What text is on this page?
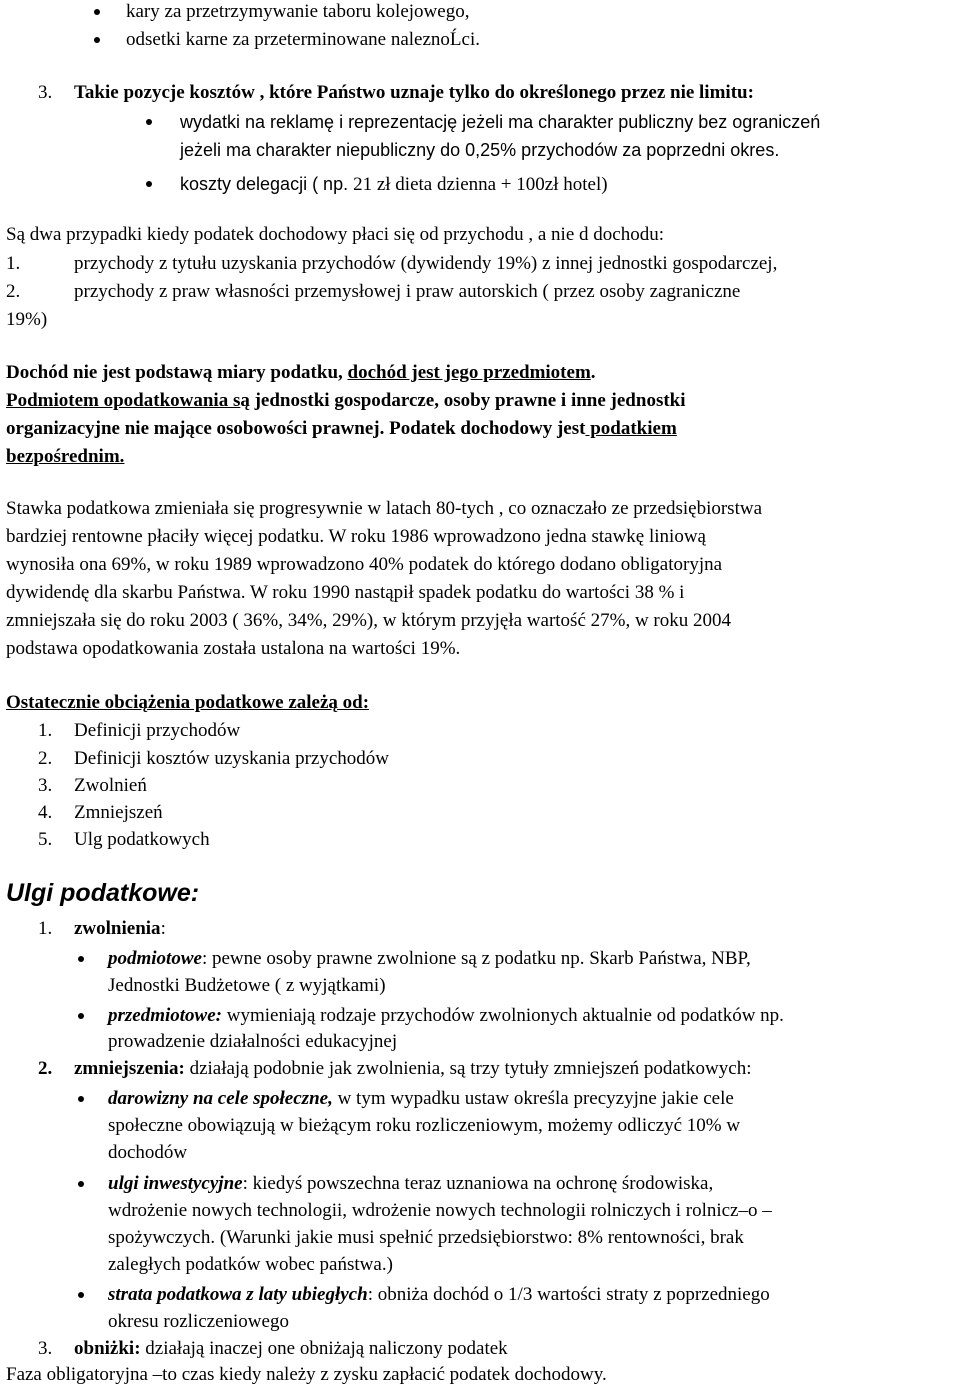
kary za przetrzymywanie taboru kolejowego,
odsetki karne za przeterminowane naleznoĹci.
3. Takie pozycje kosztów , które Państwo uznaje tylko do określonego przez nie limitu:
wydatki na reklamę i reprezentację jeżeli ma charakter publiczny bez ograniczeń
jeżeli ma charakter niepubliczny do 0,25% przychodów za poprzedni okres.
koszty delegacji ( np. 21 zł dieta dzienna + 100zł hotel)
Są dwa przypadki kiedy podatek dochodowy płaci się od przychodu , a nie d dochodu:
1.	przychody z tytułu uzyskania przychodów (dywidendy 19%) z innej jednostki gospodarczej,
2.	przychody z praw własności przemysłowej i praw autorskich ( przez osoby zagraniczne
19%)
Dochód nie jest podstawą miary podatku, dochód jest jego przedmiotem.
Podmiotem opodatkowania są jednostki gospodarcze, osoby prawne i inne jednostki
organizacyjne nie mające osobowości prawnej. Podatek dochodowy jest podatkiem
bezpośrednim.
Stawka podatkowa zmieniała się progresywnie w latach 80-tych , co oznaczało ze przedsiębiorstwa
bardziej rentowne płaciły więcej podatku. W roku 1986 wprowadzono jedna stawkę liniową
wynosiła ona 69%, w roku 1989 wprowadzono 40% podatek do którego dodano obligatoryjna
dywidendę dla skarbu Państwa. W roku 1990 nastąpił spadek podatku do wartości 38 % i
zmniejszała się do roku 2003 ( 36%, 34%, 29%), w którym przyjęła wartość 27%, w roku 2004
podstawa opodatkowania została ustalona na wartości 19%.
Ostatecznie obciążenia podatkowe zależą od:
1. Definicji przychodów
2. Definicji kosztów uzyskania przychodów
3. Zwolnień
4. Zmniejszeń
5. Ulg podatkowych
Ulgi podatkowe:
1. zwolnienia:
podmiotowe: pewne osoby prawne zwolnione są z podatku np. Skarb Państwa, NBP,
Jednostki Budżetowe ( z wyjątkami)
przedmiotowe: wymieniają rodzaje przychodów zwolnionych aktualnie od podatków np.
prowadzenie działalności edukacyjnej
2. zmniejszenia: działają podobnie jak zwolnienia, są trzy tytuły zmniejszeń podatkowych:
darowizny na cele społeczne, w tym wypadku ustaw określa precyzyjne jakie cele
społeczne obowiązują w bieżącym roku rozliczeniowym, możemy odliczyć 10% w
dochodów
ulgi inwestycyjne: kiedyś powszechna teraz uznaniowa na ochronę środowiska,
wdrożenie nowych technologii, wdrożenie nowych technologii rolniczych i rolnicz–o –
spożywczych. (Warunki jakie musi spełnić przedsiębiorstwo: 8% rentowności, brak
zaległych podatków wobec państwa.)
strata podatkowa z laty ubiegłych: obniża dochód o 1/3 wartości straty z poprzedniego
okresu rozliczeniowego
3. obniżki: działają inaczej one obniżają naliczony podatek
Faza obligatoryjna –to czas kiedy należy z zysku zapłacić podatek dochodowy.
